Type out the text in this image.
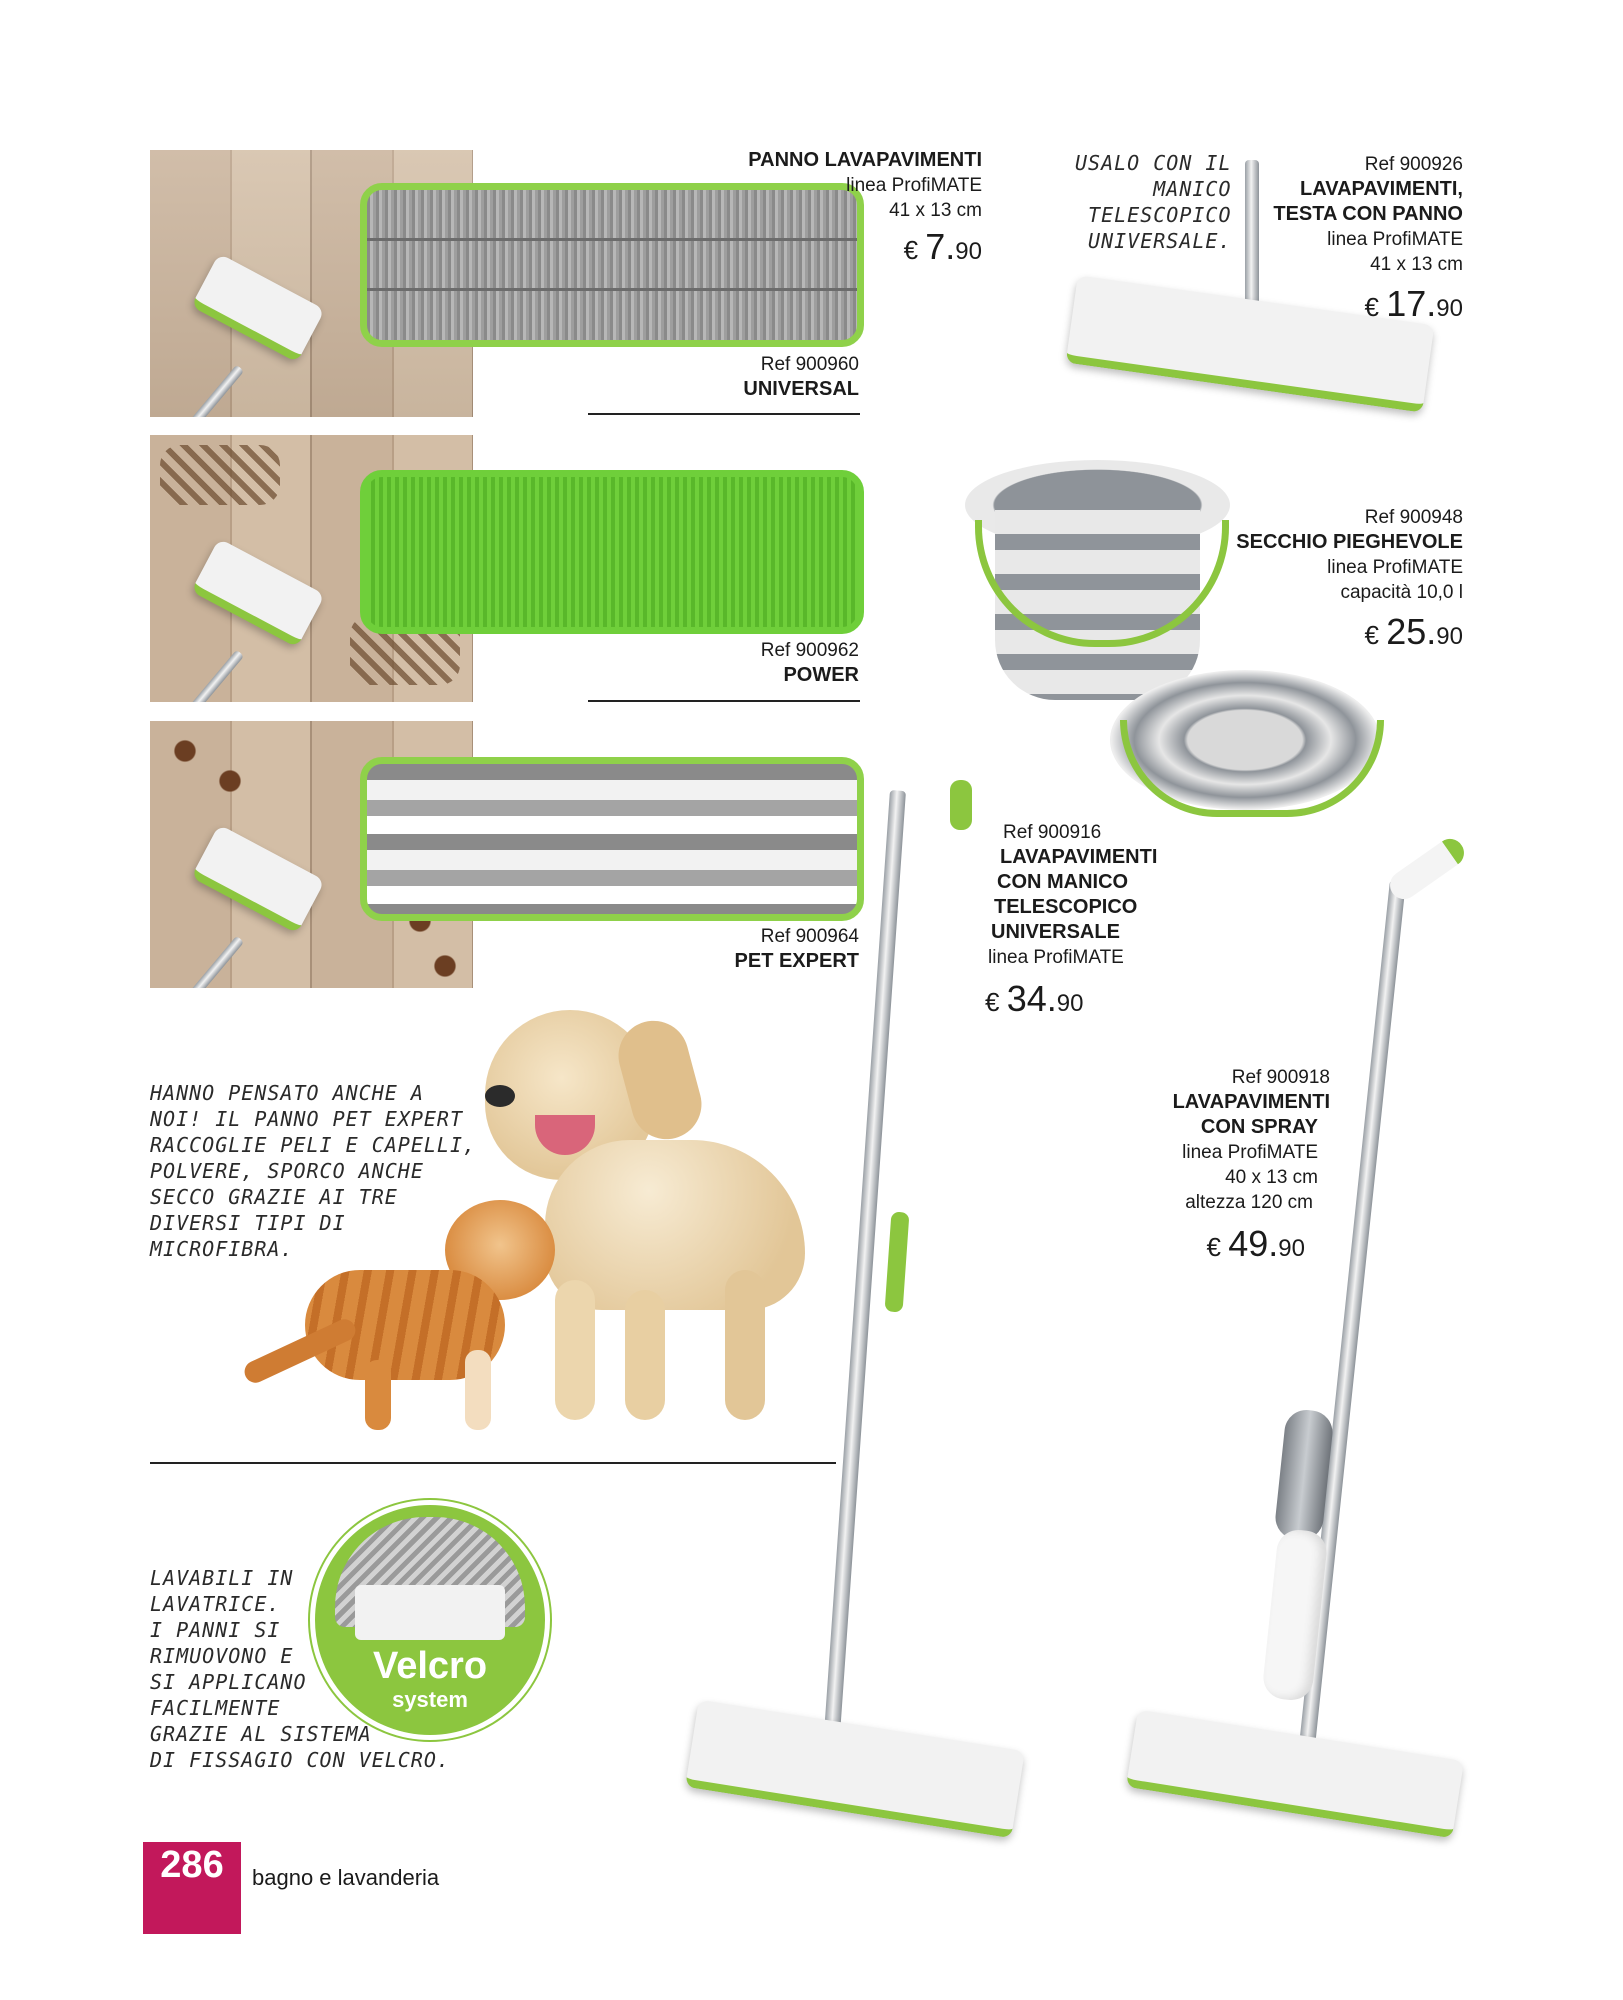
PANNO LAVAPAVIMENTI
linea ProfiMATE
41 x 13 cm
€ 7.90
Ref 900960
UNIVERSAL
Ref 900962
POWER
Ref 900964
PET EXPERT
USALO CON IL
MANICO
TELESCOPICO
UNIVERSALE.
Ref 900926
LAVAPAVIMENTI,
TESTA CON PANNO
linea ProfiMATE
41 x 13 cm
€ 17.90
Ref 900948
SECCHIO PIEGHEVOLE
linea ProfiMATE
capacità 10,0 l
€ 25.90
Ref 900916
LAVAPAVIMENTI
CON MANICO
TELESCOPICO
UNIVERSALE
linea ProfiMATE
€ 34.90
Ref 900918
LAVAPAVIMENTI
CON SPRAY
linea ProfiMATE
40 x 13 cm
altezza 120 cm
€ 49.90
HANNO PENSATO ANCHE A
NOI! IL PANNO PET EXPERT
RACCOGLIE PELI E CAPELLI,
POLVERE, SPORCO ANCHE
SECCO GRAZIE AI TRE
DIVERSI TIPI DI
MICROFIBRA.
LAVABILI IN
LAVATRICE.
I PANNI SI
RIMUOVONO E
SI APPLICANO
FACILMENTE
GRAZIE AL SISTEMA
DI FISSAGIO CON VELCRO.
Velcro
system
286	bagno e lavanderia
